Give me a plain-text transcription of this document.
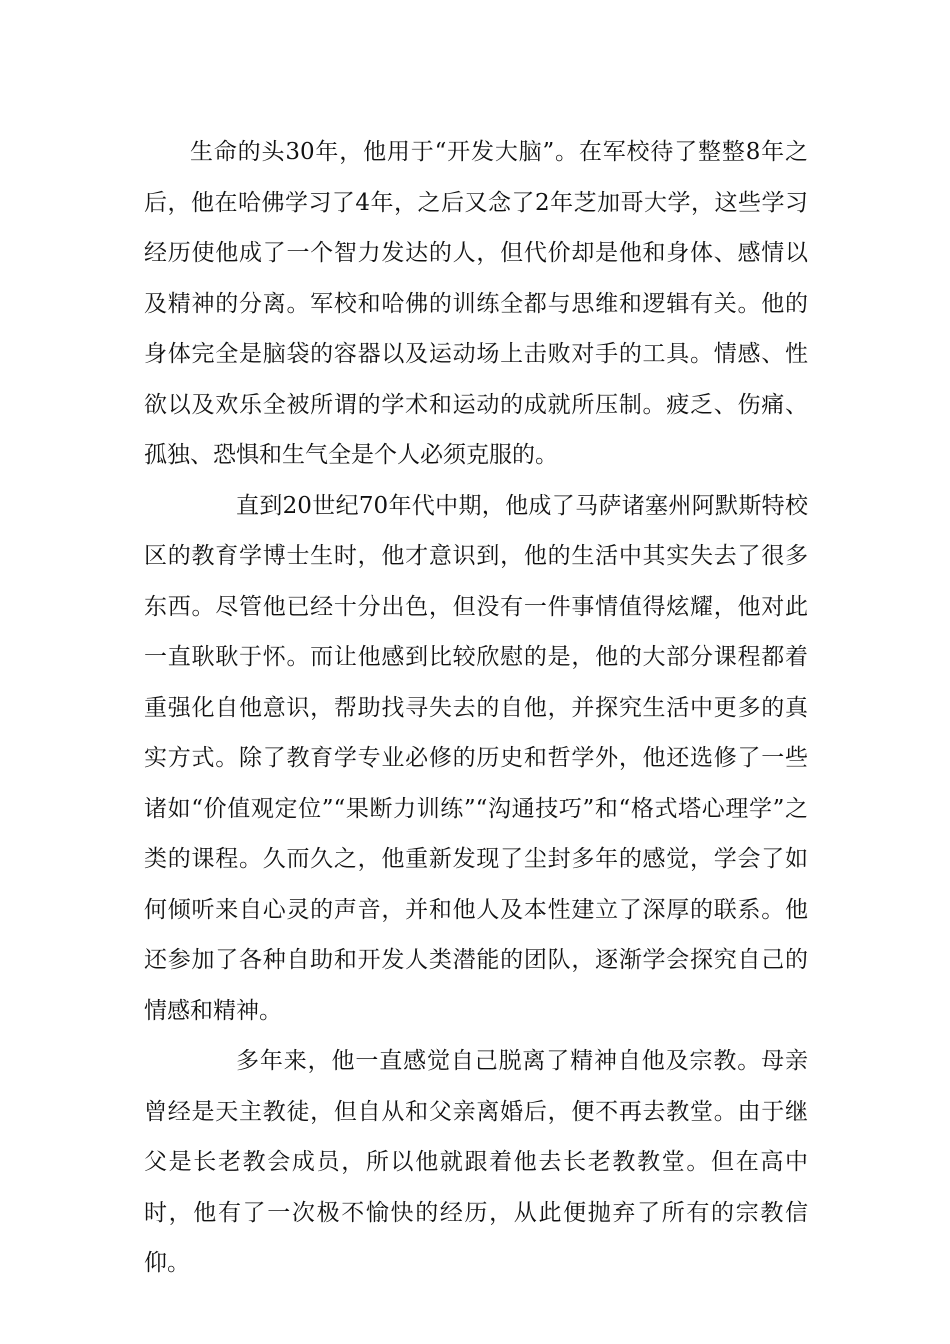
生命的头30年，他用于“开发大脑”。在军校待了整整8年之后，他在哈佛学习了4年，之后又念了2年芝加哥大学，这些学习经历使他成了一个智力发达的人，但代价却是他和身体、感情以及精神的分离。军校和哈佛的训练全都与思维和逻辑有关。他的身体完全是脑袋的容器以及运动场上击败对手的工具。情感、性欲以及欢乐全被所谓的学术和运动的成就所压制。疲乏、伤痛、孤独、恐惧和生气全是个人必须克服的。

直到20世纪70年代中期，他成了马萨诸塞州阿默斯特校区的教育学博士生时，他才意识到，他的生活中其实失去了很多东西。尽管他已经十分出色，但没有一件事情值得炫耀，他对此一直耿耿于怀。而让他感到比较欣慰的是，他的大部分课程都着重强化自他意识，帮助找寻失去的自他，并探究生活中更多的真实方式。除了教育学专业必修的历史和哲学外，他还选修了一些诸如“价值观定位”“果断力训练”“沟通技巧”和“格式塔心理学”之类的课程。久而久之，他重新发现了尘封多年的感觉，学会了如何倾听来自心灵的声音，并和他人及本性建立了深厚的联系。他还参加了各种自助和开发人类潜能的团队，逐渐学会探究自己的情感和精神。

多年来，他一直感觉自己脱离了精神自他及宗教。母亲曾经是天主教徒，但自从和父亲离婚后，便不再去教堂。由于继父是长老教会成员，所以他就跟着他去长老教教堂。但在高中时，他有了一次极不愉快的经历，从此便抛弃了所有的宗教信仰。
